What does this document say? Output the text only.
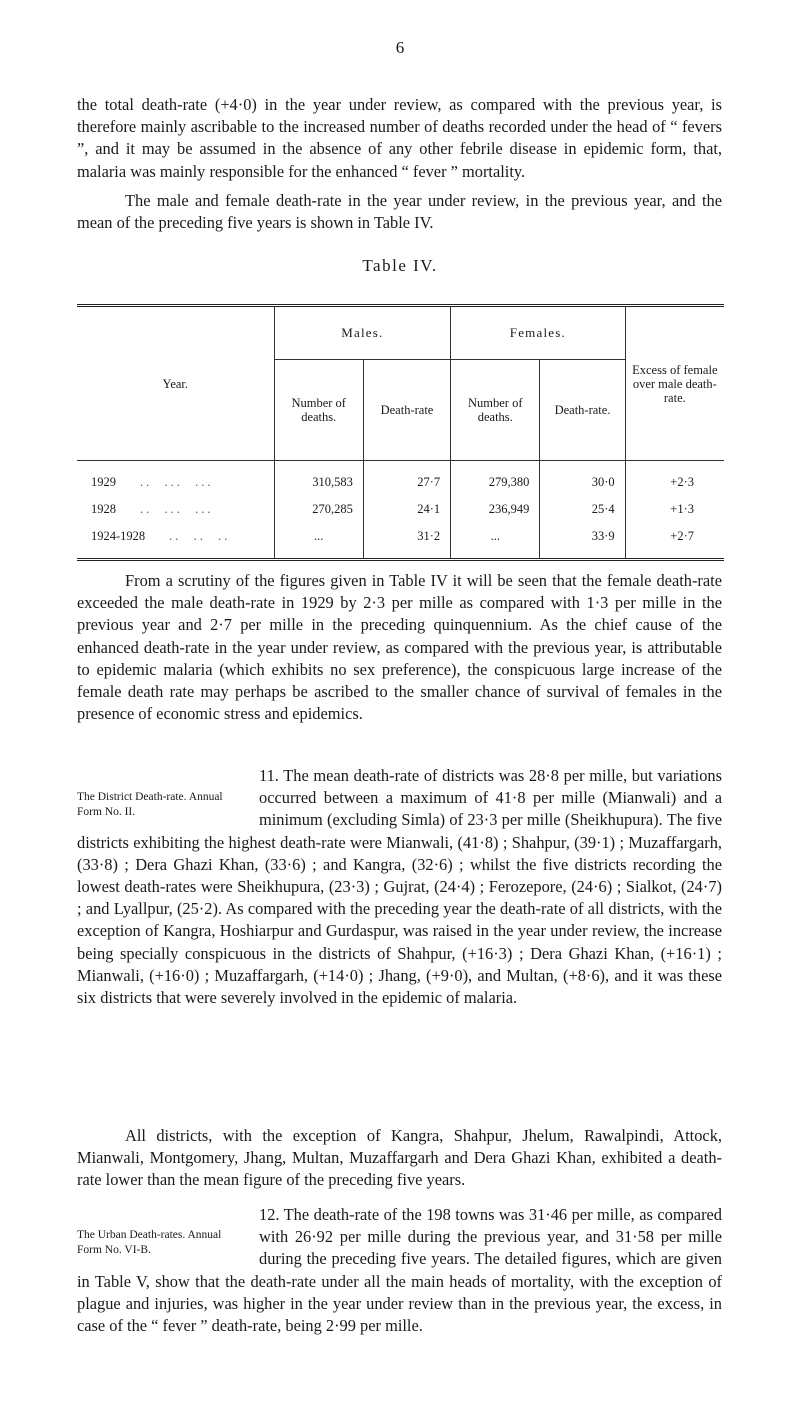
6

the total death-rate (+4·0) in the year under review, as compared with the previous year, is therefore mainly ascribable to the increased number of deaths recorded under the head of “ fevers ”, and it may be assumed in the absence of any other febrile disease in epidemic form, that, malaria was mainly responsible for the enhanced “ fever ” mortality.

The male and female death-rate in the year under review, in the previous year, and the mean of the preceding five years is shown in Table IV.

Table IV.
Year.	Males.		Females.		Excess of female over male death-rate.
	Number of deaths.	Death-rate	Number of deaths.	Death-rate.	
1929 ..  ...  ...	310,583	27·7	279,380	30·0	+2·3
1928 ..  ...  ...	270,285	24·1	236,949	25·4	+1·3
1924-1928 ..  ..  ..	...	31·2	...	33·9	+2·7

From a scrutiny of the figures given in Table IV it will be seen that the female death-rate exceeded the male death-rate in 1929 by 2·3 per mille as compared with 1·3 per mille in the previous year and 2·7 per mille in the preceding quinquennium. As the chief cause of the enhanced death-rate in the year under review, as compared with the previous year, is attributable to epidemic malaria (which exhibits no sex preference), the conspicuous large increase of the female death rate may perhaps be ascribed to the smaller chance of survival of females in the presence of economic stress and epidemics.

The District Death-rate. Annual Form No. II.

11. The mean death-rate of districts was 28·8 per mille, but variations occurred between a maximum of 41·8 per mille (Mianwali) and a minimum (excluding Simla) of 23·3 per mille (Sheikhupura). The five districts exhibiting the highest death-rate were Mianwali, (41·8) ; Shahpur, (39·1) ; Muzaffargarh, (33·8) ; Dera Ghazi Khan, (33·6) ; and Kangra, (32·6) ; whilst the five districts recording the lowest death-rates were Sheikhupura, (23·3) ; Gujrat, (24·4) ; Ferozepore, (24·6) ; Sialkot, (24·7) ; and Lyallpur, (25·2). As compared with the preceding year the death-rate of all districts, with the exception of Kangra, Hoshiarpur and Gurdaspur, was raised in the year under review, the increase being specially conspicuous in the districts of Shahpur, (+16·3) ; Dera Ghazi Khan, (+16·1) ; Mianwali, (+16·0) ; Muzaffargarh, (+14·0) ; Jhang, (+9·0), and Multan, (+8·6), and it was these six districts that were severely involved in the epidemic of malaria.

All districts, with the exception of Kangra, Shahpur, Jhelum, Rawalpindi, Attock, Mianwali, Montgomery, Jhang, Multan, Muzaffargarh and Dera Ghazi Khan, exhibited a death-rate lower than the mean figure of the preceding five years.

The Urban Death-rates. Annual Form No. VI-B.

12. The death-rate of the 198 towns was 31·46 per mille, as compared with 26·92 per mille during the previous year, and 31·58 per mille during the preceding five years. The detailed figures, which are given in Table V, show that the death-rate under all the main heads of mortality, with the exception of plague and injuries, was higher in the year under review than in the previous year, the excess, in case of the “ fever ” death-rate, being 2·99 per mille.
